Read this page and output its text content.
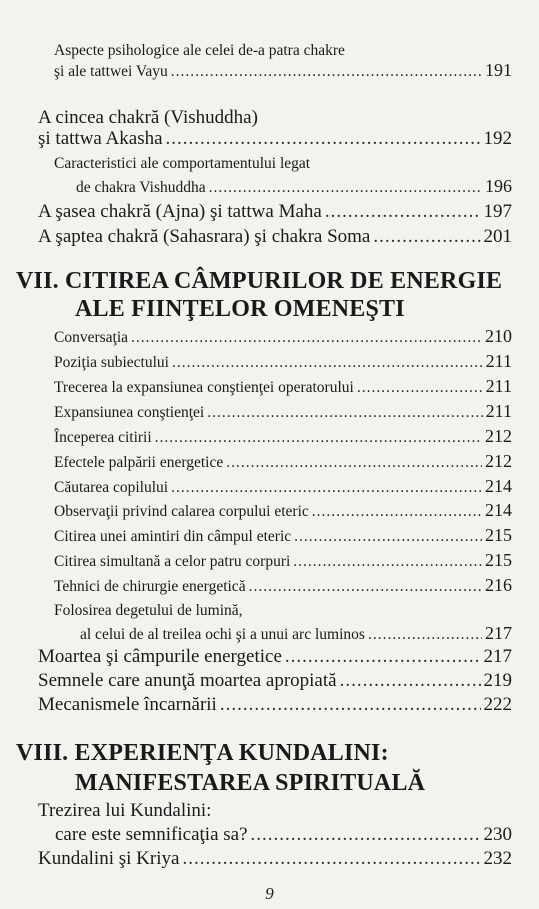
Aspecte psihologice ale celei de-a patra chakre
şi ale tattwei Vayu .....	191
A cincea chakră (Vishuddha)
şi tattwa Akasha .....	192
Caracteristici ale comportamentului legat
de chakra Vishuddha .....	196
A şasea chakră (Ajna) şi tattwa Maha .....	197
A şaptea chakră (Sahasrara) şi chakra Soma .....	201
VII. CITIREA CÂMPURILOR DE ENERGIE
ALE FIINŢELOR OMENEŞTI
Conversaţia .....	210
Poziţia subiectului .....	211
Trecerea la expansiunea conştienţei operatorului .....	211
Expansiunea conştienţei .....	211
Începerea citirii .....	212
Efectele palpării energetice .....	212
Căutarea copilului .....	214
Observaţii privind calarea corpului eteric .....	214
Citirea unei amintiri din câmpul eteric .....	215
Citirea simultană a celor patru corpuri .....	215
Tehnici de chirurgie energetică .....	216
Folosirea degetului de lumină,
al celui de al treilea ochi şi a unui arc luminos .....	217
Moartea şi câmpurile energetice .....	217
Semnele care anunţă moartea apropiată .....	219
Mecanismele încarnării .....	222
VIII. EXPERIENŢA KUNDALINI:
MANIFESTAREA SPIRITUALĂ
Trezirea lui Kundalini:
care este semnificaţia sa? .....	230
Kundalini şi Kriya .....	232
9
